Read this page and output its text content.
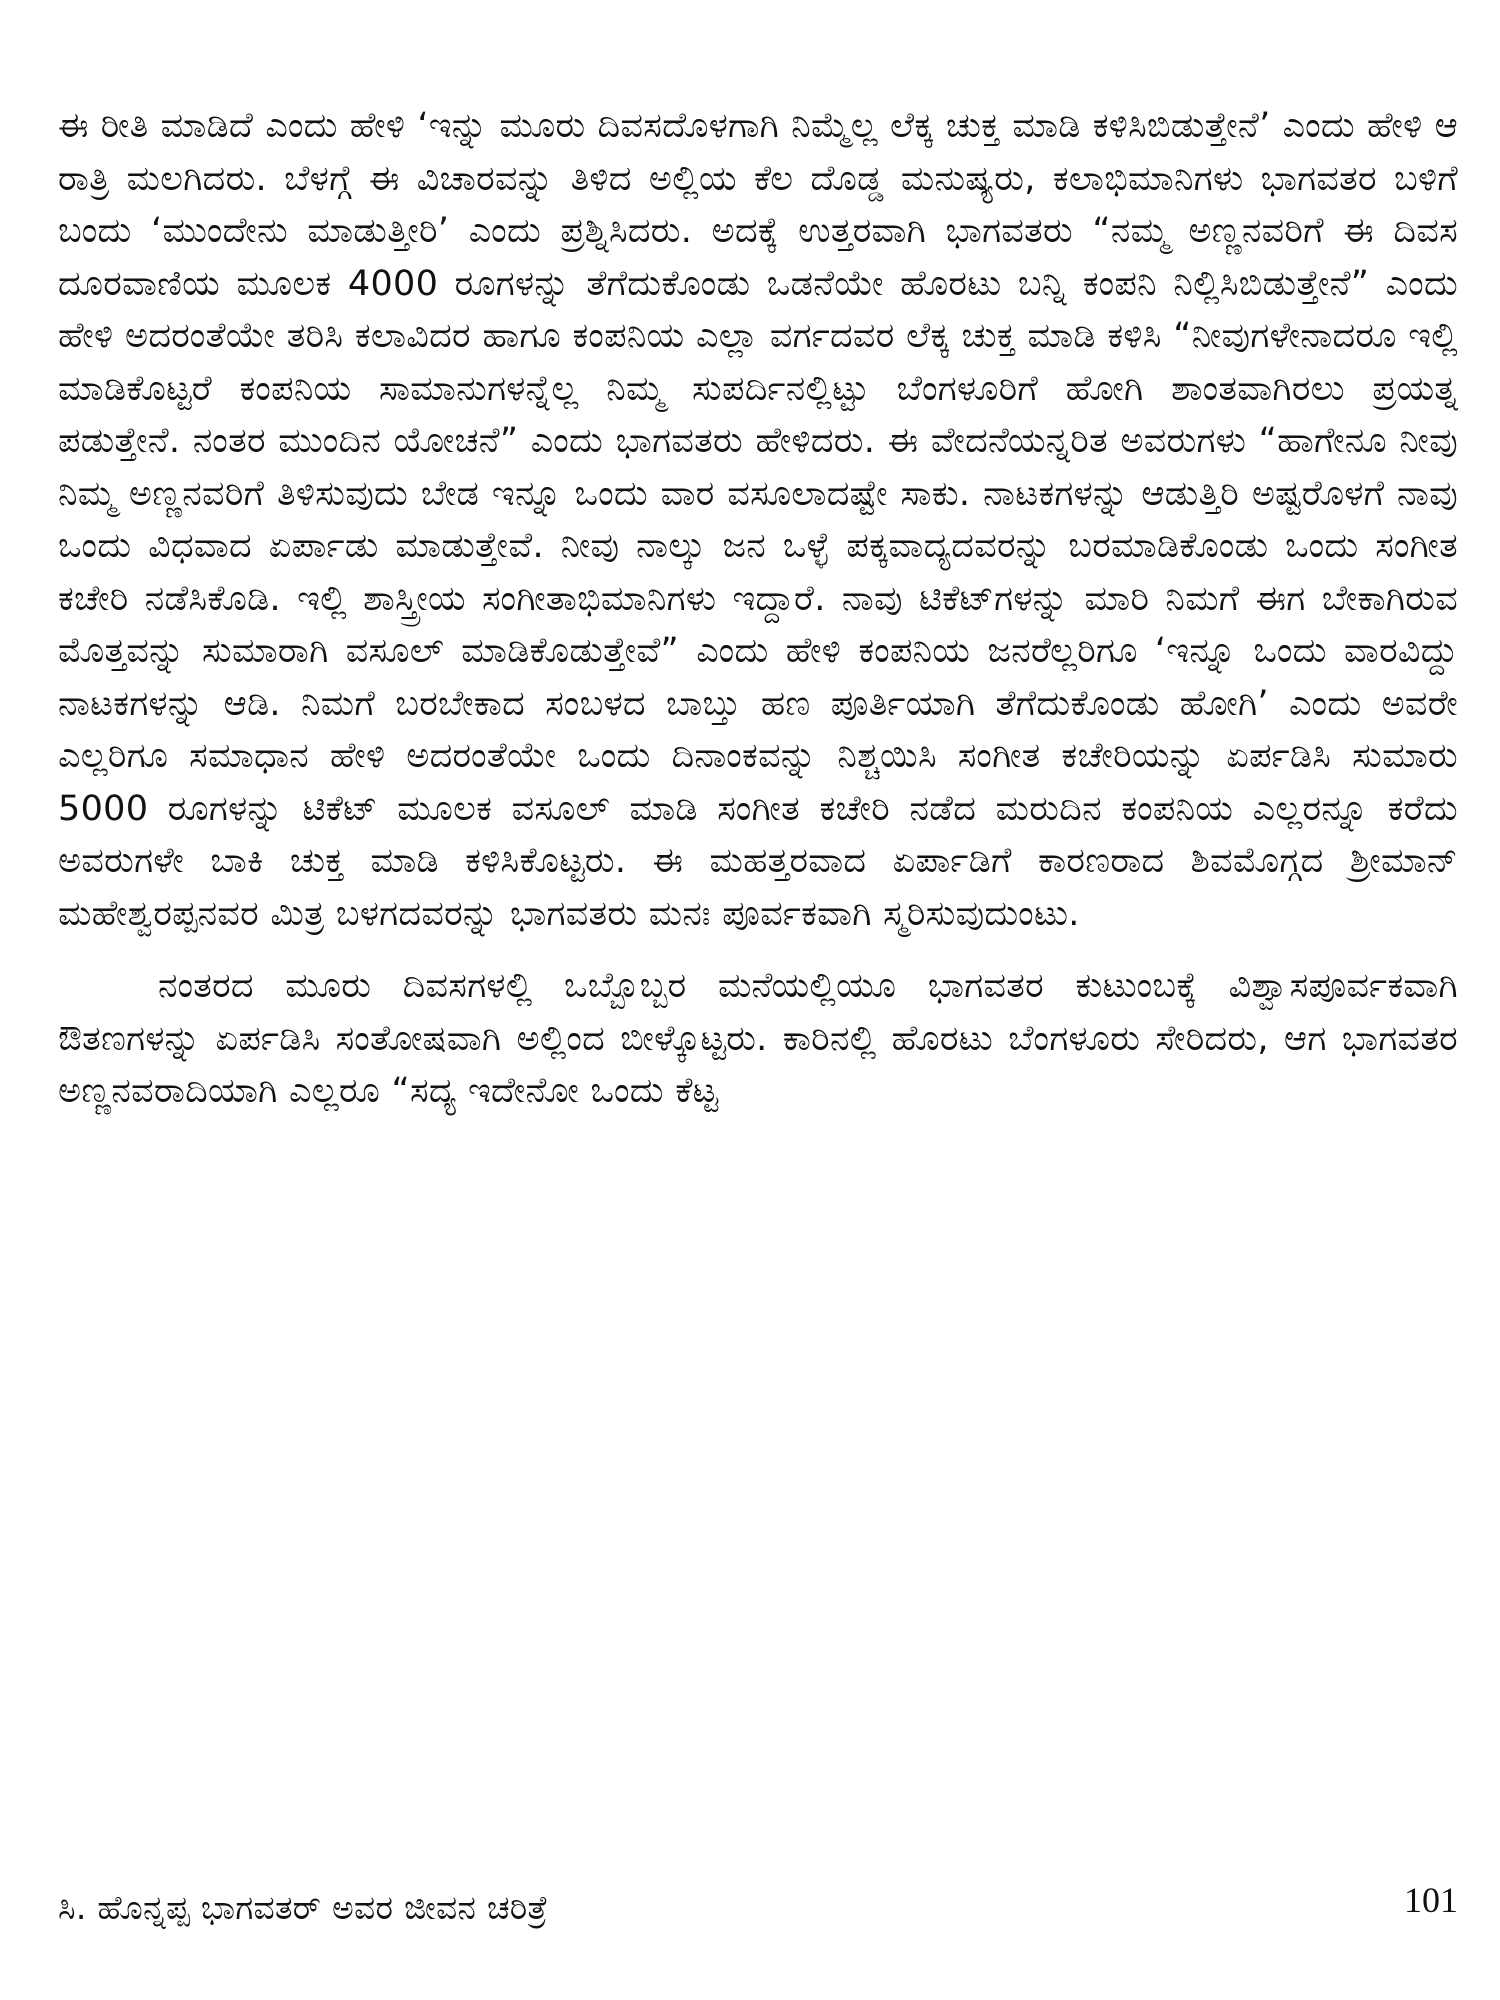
ಈ ರೀತಿ ಮಾಡಿದೆ ಎಂದು ಹೇಳಿ ‘ಇನ್ನು ಮೂರು ದಿವಸದೊಳಗಾಗಿ ನಿಮ್ಮೆಲ್ಲ ಲೆಕ್ಕ ಚುಕ್ತ ಮಾಡಿ ಕಳಿಸಿಬಿಡುತ್ತೇನೆ’ ಎಂದು ಹೇಳಿ ಆ ರಾತ್ರಿ ಮಲಗಿದರು. ಬೆಳಗ್ಗೆ ಈ ವಿಚಾರವನ್ನು ತಿಳಿದ ಅಲ್ಲಿಯ ಕೆಲ ದೊಡ್ಡ ಮನುಷ್ಯರು, ಕಲಾಭಿಮಾನಿಗಳು ಭಾಗವತರ ಬಳಿಗೆ ಬಂದು ‘ಮುಂದೇನು ಮಾಡುತ್ತೀರಿ’ ಎಂದು ಪ್ರಶ್ನಿಸಿದರು. ಅದಕ್ಕೆ ಉತ್ತರವಾಗಿ ಭಾಗವತರು “ನಮ್ಮ ಅಣ್ಣನವರಿಗೆ ಈ ದಿವಸ ದೂರವಾಣಿಯ ಮೂಲಕ 4000 ರೂಗಳನ್ನು ತೆಗೆದುಕೊಂಡು ಒಡನೆಯೇ ಹೊರಟು ಬನ್ನಿ ಕಂಪನಿ ನಿಲ್ಲಿಸಿಬಿಡುತ್ತೇನೆ” ಎಂದು ಹೇಳಿ ಅದರಂತೆಯೇ ತರಿಸಿ ಕಲಾವಿದರ ಹಾಗೂ ಕಂಪನಿಯ ಎಲ್ಲಾ ವರ್ಗದವರ ಲೆಕ್ಕ ಚುಕ್ತ ಮಾಡಿ ಕಳಿಸಿ “ನೀವುಗಳೇನಾದರೂ ಇಲ್ಲಿ ಮಾಡಿಕೊಟ್ಟರೆ ಕಂಪನಿಯ ಸಾಮಾನುಗಳನ್ನೆಲ್ಲ ನಿಮ್ಮ ಸುಪರ್ದಿನಲ್ಲಿಟ್ಟು ಬೆಂಗಳೂರಿಗೆ ಹೋಗಿ ಶಾಂತವಾಗಿರಲು ಪ್ರಯತ್ನ ಪಡುತ್ತೇನೆ. ನಂತರ ಮುಂದಿನ ಯೋಚನೆ” ಎಂದು ಭಾಗವತರು ಹೇಳಿದರು. ಈ ವೇದನೆಯನ್ನರಿತ ಅವರುಗಳು “ಹಾಗೇನೂ ನೀವು ನಿಮ್ಮ ಅಣ್ಣನವರಿಗೆ ತಿಳಿಸುವುದು ಬೇಡ ಇನ್ನೂ ಒಂದು ವಾರ ವಸೂಲಾದಷ್ಟೇ ಸಾಕು. ನಾಟಕಗಳನ್ನು ಆಡುತ್ತಿರಿ ಅಷ್ಟರೊಳಗೆ ನಾವು ಒಂದು ವಿಧವಾದ ಏರ್ಪಾಡು ಮಾಡುತ್ತೇವೆ. ನೀವು ನಾಲ್ಕು ಜನ ಒಳ್ಳೆ ಪಕ್ಕವಾದ್ಯದವರನ್ನು ಬರಮಾಡಿಕೊಂಡು ಒಂದು ಸಂಗೀತ ಕಚೇರಿ ನಡೆಸಿಕೊಡಿ. ಇಲ್ಲಿ ಶಾಸ್ತ್ರೀಯ ಸಂಗೀತಾಭಿಮಾನಿಗಳು ಇದ್ದಾರೆ. ನಾವು ಟಿಕೆಟ್‌ಗಳನ್ನು ಮಾರಿ ನಿಮಗೆ ಈಗ ಬೇಕಾಗಿರುವ ಮೊತ್ತವನ್ನು ಸುಮಾರಾಗಿ ವಸೂಲ್ ಮಾಡಿಕೊಡುತ್ತೇವೆ” ಎಂದು ಹೇಳಿ ಕಂಪನಿಯ ಜನರೆಲ್ಲರಿಗೂ ‘ಇನ್ನೂ ಒಂದು ವಾರವಿದ್ದು ನಾಟಕಗಳನ್ನು ಆಡಿ. ನಿಮಗೆ ಬರಬೇಕಾದ ಸಂಬಳದ ಬಾಬ್ತು ಹಣ ಪೂರ್ತಿಯಾಗಿ ತೆಗೆದುಕೊಂಡು ಹೋಗಿ’ ಎಂದು ಅವರೇ ಎಲ್ಲರಿಗೂ ಸಮಾಧಾನ ಹೇಳಿ ಅದರಂತೆಯೇ ಒಂದು ದಿನಾಂಕವನ್ನು ನಿಶ್ಚಯಿಸಿ ಸಂಗೀತ ಕಚೇರಿಯನ್ನು ಏರ್ಪಡಿಸಿ ಸುಮಾರು 5000 ರೂಗಳನ್ನು ಟಿಕೆಟ್ ಮೂಲಕ ವಸೂಲ್ ಮಾಡಿ ಸಂಗೀತ ಕಚೇರಿ ನಡೆದ ಮರುದಿನ ಕಂಪನಿಯ ಎಲ್ಲರನ್ನೂ ಕರೆದು ಅವರುಗಳೇ ಬಾಕಿ ಚುಕ್ತ ಮಾಡಿ ಕಳಿಸಿಕೊಟ್ಟರು. ಈ ಮಹತ್ತರವಾದ ಏರ್ಪಾಡಿಗೆ ಕಾರಣರಾದ ಶಿವಮೊಗ್ಗದ ಶ್ರೀಮಾನ್ ಮಹೇಶ್ವರಪ್ಪನವರ ಮಿತ್ರ ಬಳಗದವರನ್ನು ಭಾಗವತರು ಮನಃ ಪೂರ್ವಕವಾಗಿ ಸ್ಮರಿಸುವುದುಂಟು.

ನಂತರದ ಮೂರು ದಿವಸಗಳಲ್ಲಿ ಒಬ್ಬೊಬ್ಬರ ಮನೆಯಲ್ಲಿಯೂ ಭಾಗವತರ ಕುಟುಂಬಕ್ಕೆ ವಿಶ್ವಾಸಪೂರ್ವಕವಾಗಿ ಔತಣಗಳನ್ನು ಏರ್ಪಡಿಸಿ ಸಂತೋಷವಾಗಿ ಅಲ್ಲಿಂದ ಬೀಳ್ಕೊಟ್ಟರು. ಕಾರಿನಲ್ಲಿ ಹೊರಟು ಬೆಂಗಳೂರು ಸೇರಿದರು, ಆಗ ಭಾಗವತರ ಅಣ್ಣನವರಾದಿಯಾಗಿ ಎಲ್ಲರೂ “ಸದ್ಯ ಇದೇನೋ ಒಂದು ಕೆಟ್ಟ

ಸಿ. ಹೊನ್ನಪ್ಪ ಭಾಗವತರ್ ಅವರ ಜೀವನ ಚರಿತ್ರೆ	101
